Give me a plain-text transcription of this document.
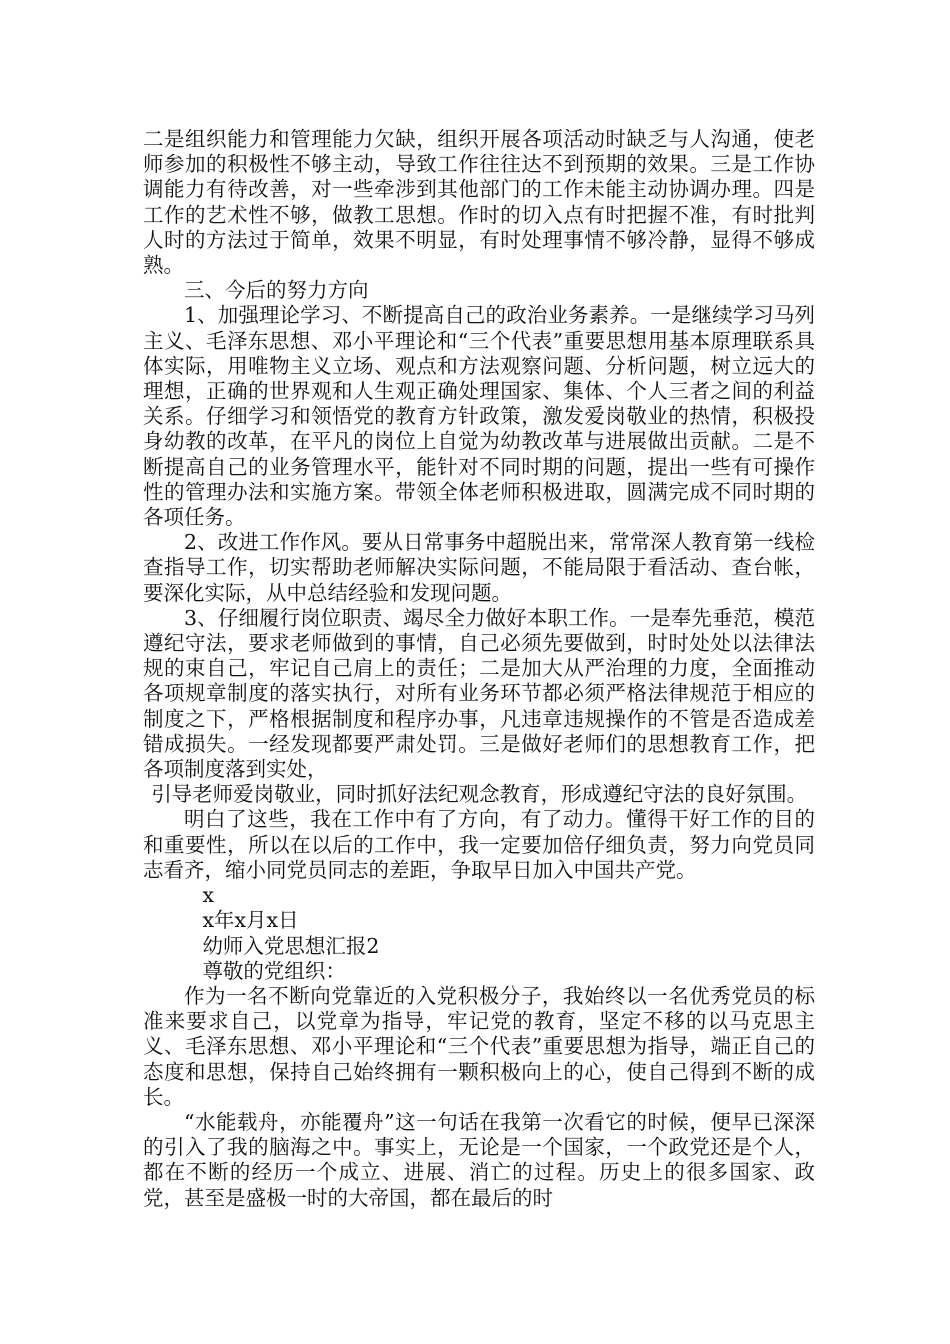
二是组织能力和管理能力欠缺，组织开展各项活动时缺乏与人沟通，使老师参加的积极性不够主动，导致工作往往达不到预期的效果。三是工作协调能力有待改善，对一些牵涉到其他部门的工作未能主动协调办理。四是工作的艺术性不够，做教工思想。作时的切入点有时把握不准，有时批判人时的方法过于简单，效果不明显，有时处理事情不够冷静，显得不够成熟。

三、今后的努力方向

1、加强理论学习、不断提高自己的政治业务素养。一是继续学习马列主义、毛泽东思想、邓小平理论和“三个代表”重要思想用基本原理联系具体实际，用唯物主义立场、观点和方法观察问题、分析问题，树立远大的理想，正确的世界观和人生观正确处理国家、集体、个人三者之间的利益关系。仔细学习和领悟党的教育方针政策，激发爱岗敬业的热情，积极投身幼教的改革，在平凡的岗位上自觉为幼教改革与进展做出贡献。二是不断提高自己的业务管理水平，能针对不同时期的问题，提出一些有可操作性的管理办法和实施方案。带领全体老师积极进取，圆满完成不同时期的各项任务。

2、改进工作作风。要从日常事务中超脱出来，常常深人教育第一线检查指导工作，切实帮助老师解决实际问题，不能局限于看活动、查台帐，要深化实际，从中总结经验和发现问题。

3、仔细履行岗位职责、竭尽全力做好本职工作。一是奉先垂范，模范遵纪守法，要求老师做到的事情，自己必须先要做到，时时处处以法律法规的束自己，牢记自己肩上的责任；二是加大从严治理的力度，全面推动各项规章制度的落实执行，对所有业务环节都必须严格法律规范于相应的制度之下，严格根据制度和程序办事，凡违章违规操作的不管是否造成差错成损失。一经发现都要严肃处罚。三是做好老师们的思想教育工作，把各项制度落到实处，

引导老师爱岗敬业，同时抓好法纪观念教育，形成遵纪守法的良好氛围。

明白了这些，我在工作中有了方向，有了动力。懂得干好工作的目的和重要性，所以在以后的工作中，我一定要加倍仔细负责，努力向党员同志看齐，缩小同党员同志的差距，争取早日加入中国共产党。

x

x年x月x日

幼师入党思想汇报2

尊敬的党组织：

作为一名不断向党靠近的入党积极分子，我始终以一名优秀党员的标准来要求自己，以党章为指导，牢记党的教育，坚定不移的以马克思主义、毛泽东思想、邓小平理论和“三个代表”重要思想为指导，端正自己的态度和思想，保持自己始终拥有一颗积极向上的心，使自己得到不断的成长。

“水能载舟，亦能覆舟”这一句话在我第一次看它的时候，便早已深深的引入了我的脑海之中。事实上，无论是一个国家，一个政党还是个人，都在不断的经历一个成立、进展、消亡的过程。历史上的很多国家、政党，甚至是盛极一时的大帝国，都在最后的时
